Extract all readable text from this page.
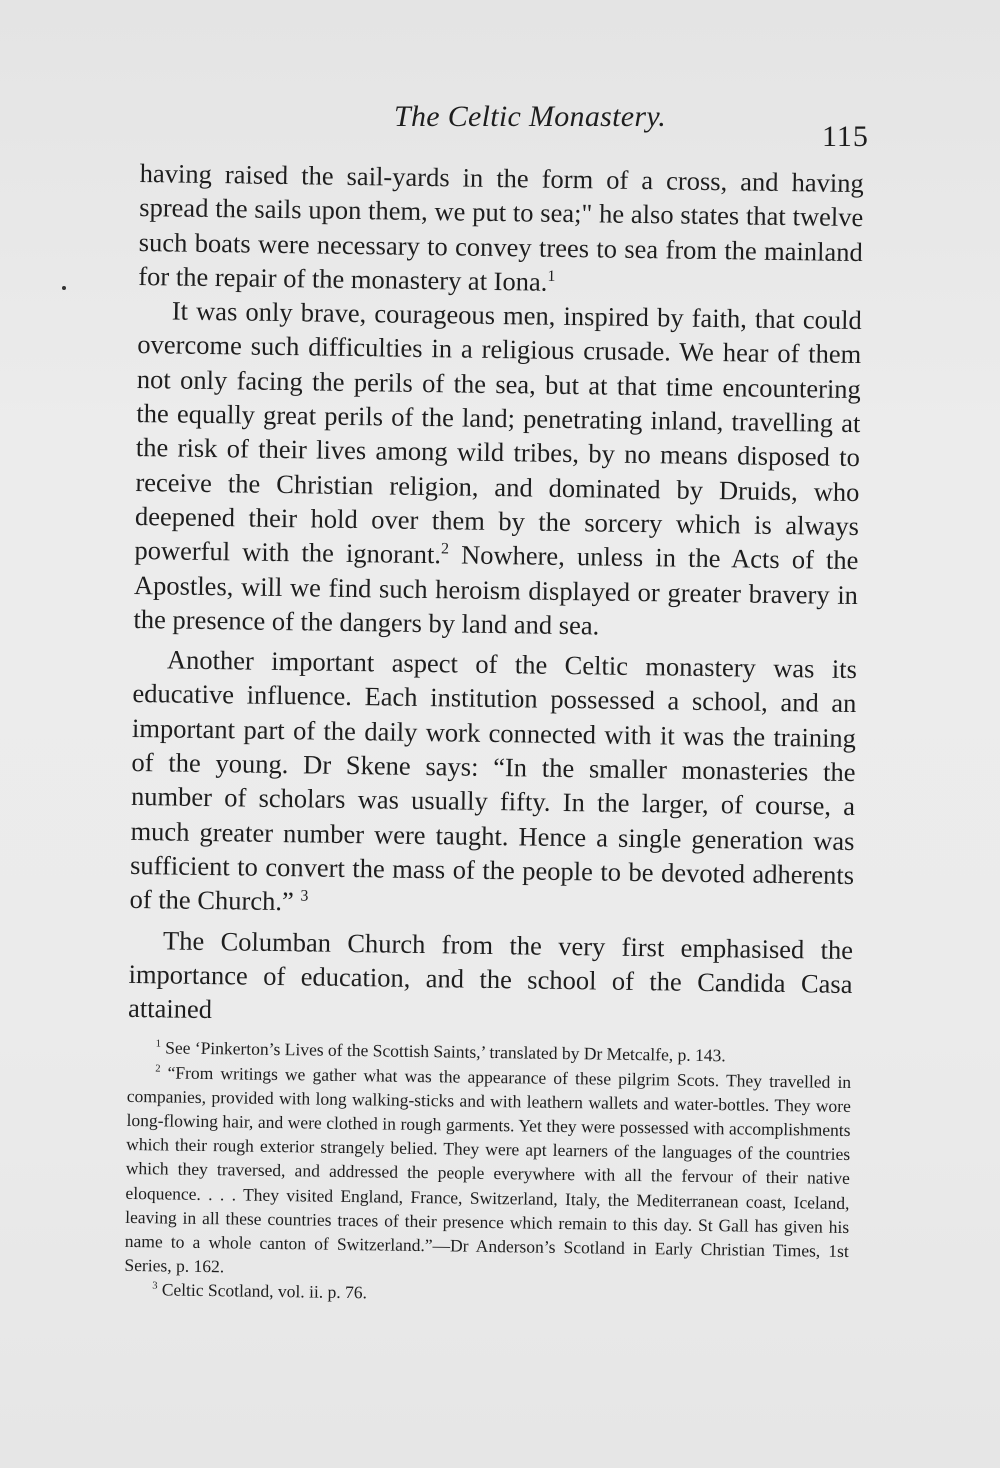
The Celtic Monastery.
115

having raised the sail-yards in the form of a cross, and having spread the sails upon them, we put to sea;" he also states that twelve such boats were necessary to convey trees to sea from the mainland for the repair of the monastery at Iona.$^1$

It was only brave, courageous men, inspired by faith, that could overcome such difficulties in a religious crusade. We hear of them not only facing the perils of the sea, but at that time encountering the equally great perils of the land; penetrating inland, travelling at the risk of their lives among wild tribes, by no means disposed to receive the Christian religion, and dominated by Druids, who deepened their hold over them by the sorcery which is always powerful with the ignorant.$^2$ Nowhere, unless in the Acts of the Apostles, will we find such heroism displayed or greater bravery in the presence of the dangers by land and sea.

Another important aspect of the Celtic monastery was its educative influence. Each institution possessed a school, and an important part of the daily work connected with it was the training of the young. Dr Skene says: “In the smaller monasteries the number of scholars was usually fifty. In the larger, of course, a much greater number were taught. Hence a single generation was sufficient to convert the mass of the people to be devoted adherents of the Church.” $^3$

The Columban Church from the very first emphasised the importance of education, and the school of the Candida Casa attained

$^1$ See ‘Pinkerton’s Lives of the Scottish Saints,’ translated by Dr Metcalfe, p. 143.

$^2$ “From writings we gather what was the appearance of these pilgrim Scots. They travelled in companies, provided with long walking-sticks and with leathern wallets and water-bottles. They wore long-flowing hair, and were clothed in rough garments. Yet they were possessed with accomplishments which their rough exterior strangely belied. They were apt learners of the languages of the countries which they traversed, and addressed the people everywhere with all the fervour of their native eloquence. . . . They visited England, France, Switzerland, Italy, the Mediterranean coast, Iceland, leaving in all these countries traces of their presence which remain to this day. St Gall has given his name to a whole canton of Switzerland.”—Dr Anderson’s Scotland in Early Christian Times, 1st Series, p. 162.

$^3$ Celtic Scotland, vol. ii. p. 76.
